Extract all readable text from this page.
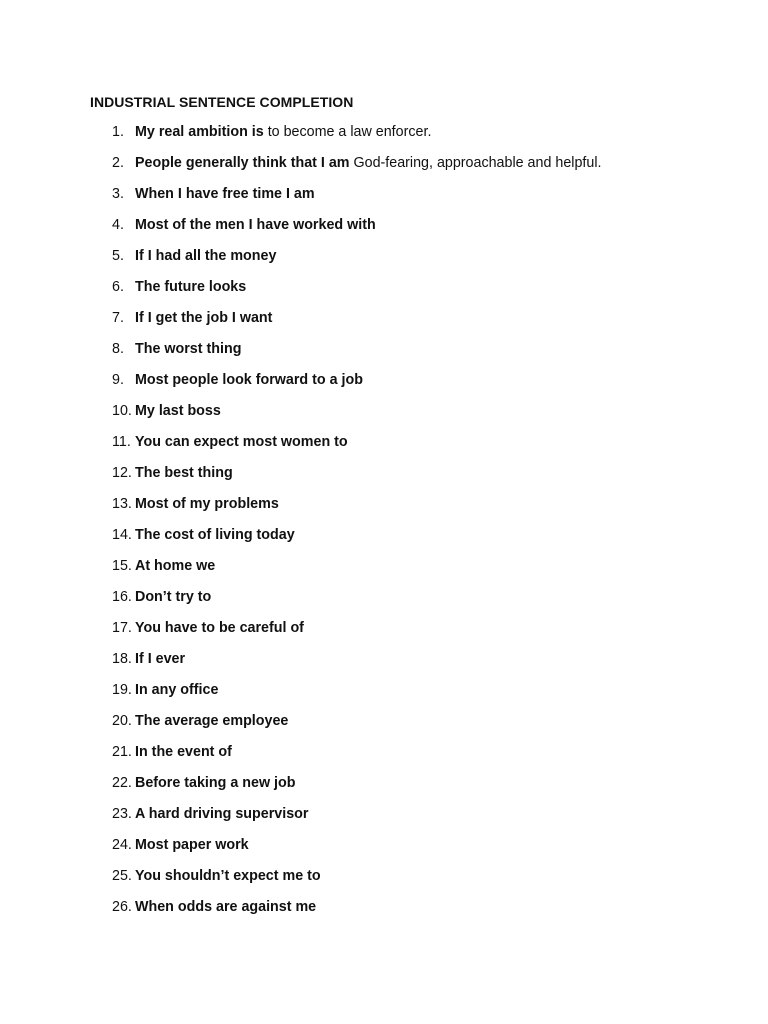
INDUSTRIAL SENTENCE COMPLETION
1. My real ambition is to become a law enforcer.
2. People generally think that I am God-fearing, approachable and helpful.
3. When I have free time I am
4. Most of the men I have worked with
5. If I had all the money
6. The future looks
7. If I get the job I want
8. The worst thing
9. Most people look forward to a job
10. My last boss
11. You can expect most women to
12. The best thing
13. Most of my problems
14. The cost of living today
15. At home we
16. Don’t try to
17. You have to be careful of
18. If I ever
19. In any office
20. The average employee
21. In the event of
22. Before taking a new job
23. A hard driving supervisor
24. Most paper work
25. You shouldn’t expect me to
26. When odds are against me
